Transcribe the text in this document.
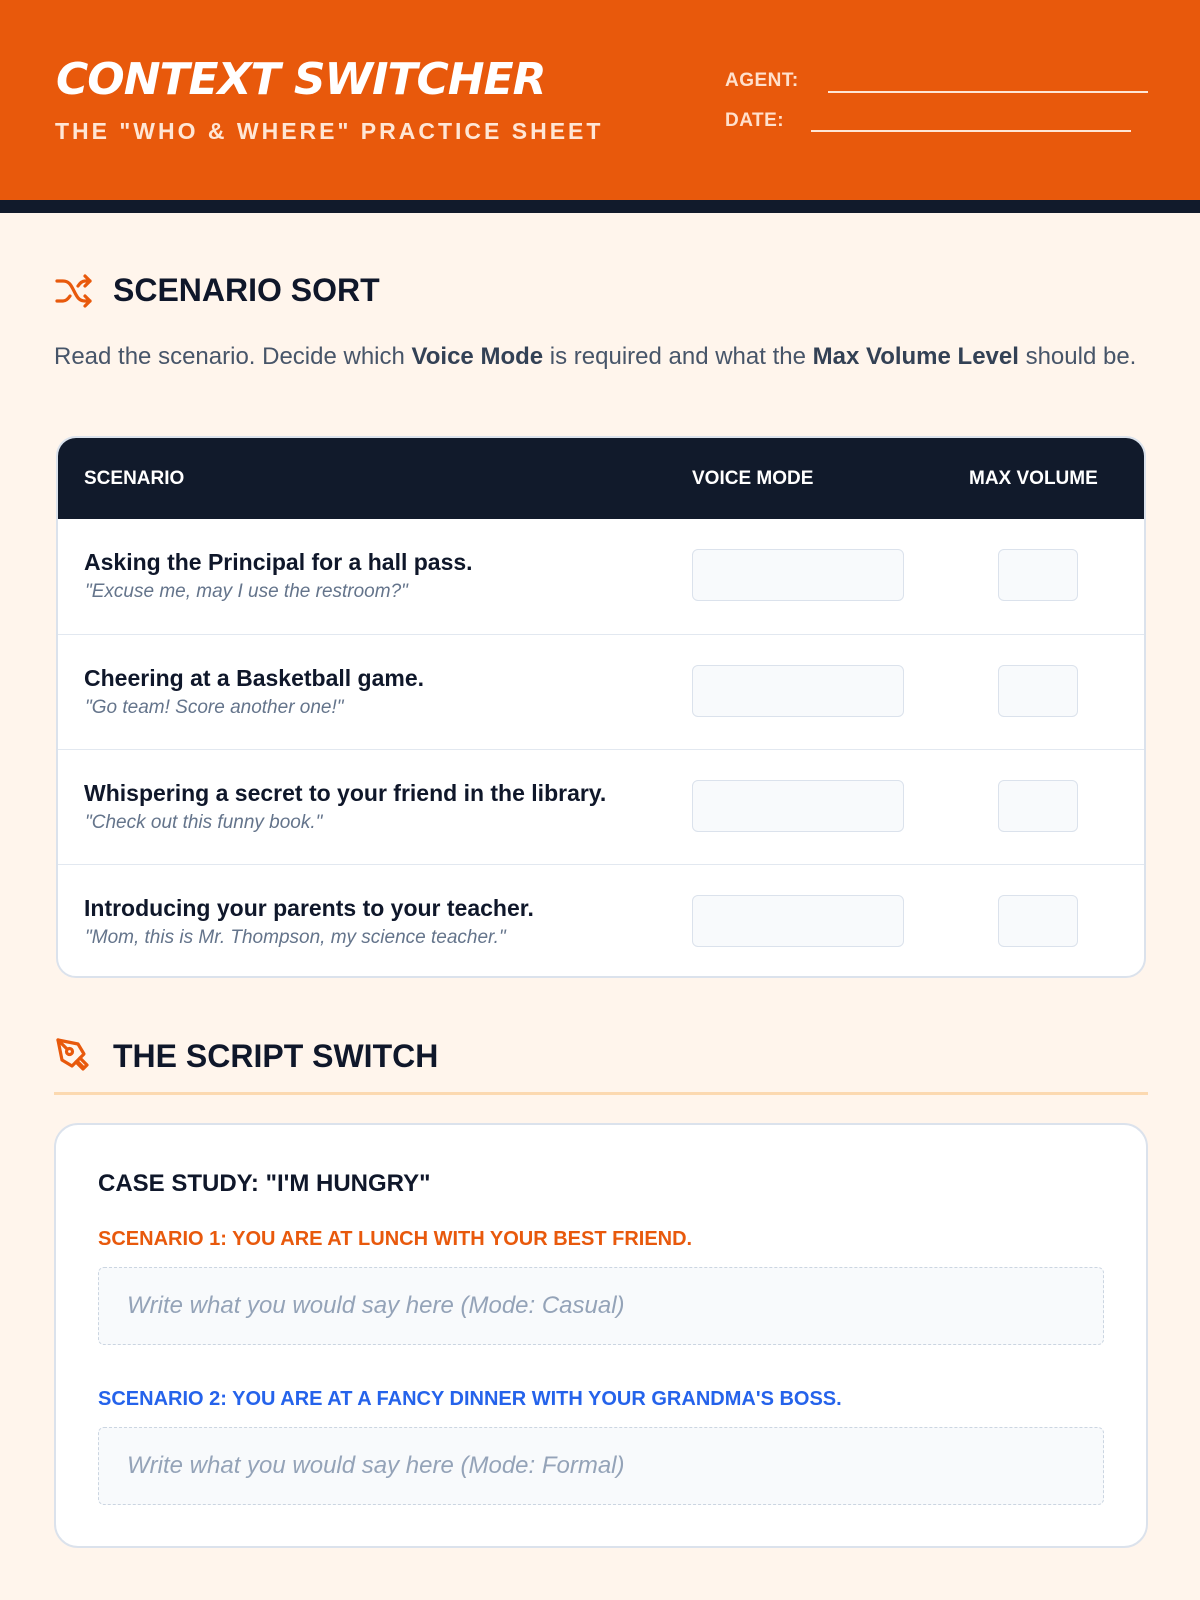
CONTEXT SWITCHER
THE "WHO & WHERE" PRACTICE SHEET
AGENT:
DATE:
SCENARIO SORT

Read the scenario. Decide which Voice Mode is required and what the Max Volume Level should be.

SCENARIO	VOICE MODE	MAX VOLUME
Asking the Principal for a hall pass.
"Excuse me, may I use the restroom?"
Cheering at a Basketball game.
"Go team! Score another one!"
Whispering a secret to your friend in the library.
"Check out this funny book."
Introducing your parents to your teacher.
"Mom, this is Mr. Thompson, my science teacher."
THE SCRIPT SWITCH
CASE STUDY: "I'M HUNGRY"
SCENARIO 1: YOU ARE AT LUNCH WITH YOUR BEST FRIEND.
Write what you would say here (Mode: Casual)
SCENARIO 2: YOU ARE AT A FANCY DINNER WITH YOUR GRANDMA'S BOSS.
Write what you would say here (Mode: Formal)
